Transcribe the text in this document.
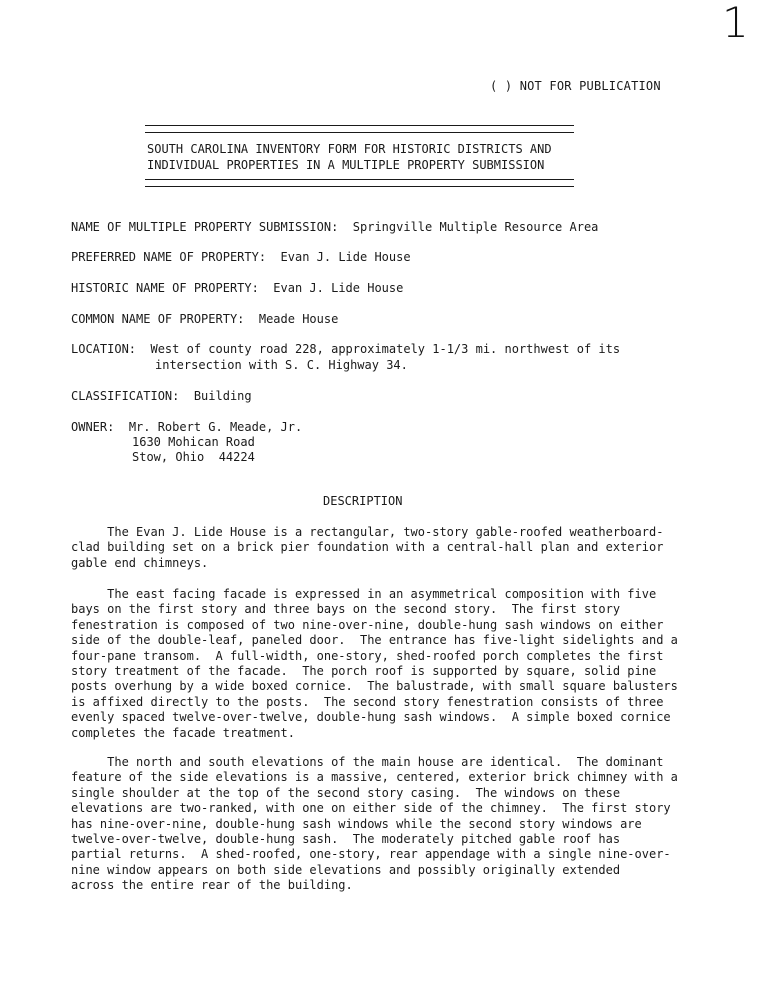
1
( ) NOT FOR PUBLICATION
SOUTH CAROLINA INVENTORY FORM FOR HISTORIC DISTRICTS AND
INDIVIDUAL PROPERTIES IN A MULTIPLE PROPERTY SUBMISSION
NAME OF MULTIPLE PROPERTY SUBMISSION: Springville Multiple Resource Area
PREFERRED NAME OF PROPERTY: Evan J. Lide House
HISTORIC NAME OF PROPERTY: Evan J. Lide House
COMMON NAME OF PROPERTY: Meade House
LOCATION: West of county road 228, approximately 1-1/3 mi. northwest of its
intersection with S. C. Highway 34.
CLASSIFICATION: Building
OWNER: Mr. Robert G. Meade, Jr.
1630 Mohican Road
Stow, Ohio  44224
DESCRIPTION
The Evan J. Lide House is a rectangular, two-story gable-roofed weatherboard-
clad building set on a brick pier foundation with a central-hall plan and exterior
gable end chimneys.
The east facing facade is expressed in an asymmetrical composition with five
bays on the first story and three bays on the second story.  The first story
fenestration is composed of two nine-over-nine, double-hung sash windows on either
side of the double-leaf, paneled door.  The entrance has five-light sidelights and a
four-pane transom.  A full-width, one-story, shed-roofed porch completes the first
story treatment of the facade.  The porch roof is supported by square, solid pine
posts overhung by a wide boxed cornice.  The balustrade, with small square balusters
is affixed directly to the posts.  The second story fenestration consists of three
evenly spaced twelve-over-twelve, double-hung sash windows.  A simple boxed cornice
completes the facade treatment.
The north and south elevations of the main house are identical.  The dominant
feature of the side elevations is a massive, centered, exterior brick chimney with a
single shoulder at the top of the second story casing.  The windows on these
elevations are two-ranked, with one on either side of the chimney.  The first story
has nine-over-nine, double-hung sash windows while the second story windows are
twelve-over-twelve, double-hung sash.  The moderately pitched gable roof has
partial returns.  A shed-roofed, one-story, rear appendage with a single nine-over-
nine window appears on both side elevations and possibly originally extended
across the entire rear of the building.
